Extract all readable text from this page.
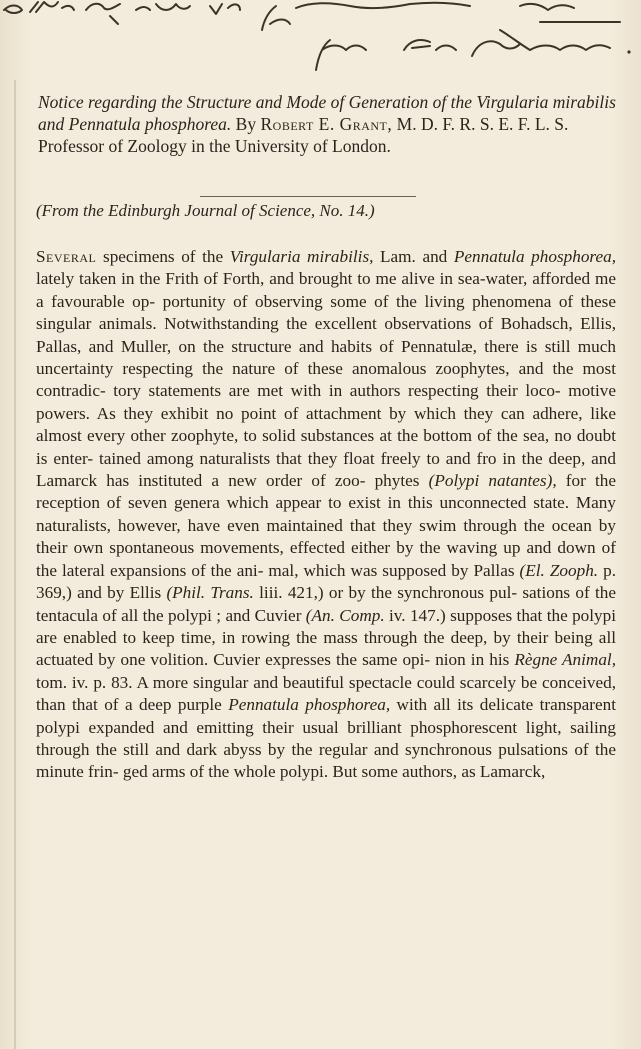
Notice regarding the Structure and Mode of Generation of the Virgularia mirabilis and Pennatula phosphorea. By Robert E. Grant, M. D. F. R. S. E. F. L. S. Professor of Zoology in the University of London.
(From the Edinburgh Journal of Science, No. 14.)

Several specimens of the Virgularia mirabilis, Lam. and Pennatula phosphorea, lately taken in the Frith of Forth, and brought to me alive in sea-water, afforded me a favourable op- portunity of observing some of the living phenomena of these singular animals. Notwithstanding the excellent observations of Bohadsch, Ellis, Pallas, and Muller, on the structure and habits of Pennatulæ, there is still much uncertainty respecting the nature of these anomalous zoophytes, and the most contradic- tory statements are met with in authors respecting their loco- motive powers. As they exhibit no point of attachment by which they can adhere, like almost every other zoophyte, to solid substances at the bottom of the sea, no doubt is enter- tained among naturalists that they float freely to and fro in the deep, and Lamarck has instituted a new order of zoo- phytes (Polypi natantes), for the reception of seven genera which appear to exist in this unconnected state. Many naturalists, however, have even maintained that they swim through the ocean by their own spontaneous movements, effected either by the waving up and down of the lateral expansions of the ani- mal, which was supposed by Pallas (El. Zooph. p. 369,) and by Ellis (Phil. Trans. liii. 421,) or by the synchronous pul- sations of the tentacula of all the polypi ; and Cuvier (An. Comp. iv. 147.) supposes that the polypi are enabled to keep time, in rowing the mass through the deep, by their being all actuated by one volition. Cuvier expresses the same opi- nion in his Règne Animal, tom. iv. p. 83. A more singular and beautiful spectacle could scarcely be conceived, than that of a deep purple Pennatula phosphorea, with all its delicate transparent polypi expanded and emitting their usual brilliant phosphorescent light, sailing through the still and dark abyss by the regular and synchronous pulsations of the minute frin- ged arms of the whole polypi. But some authors, as Lamarck,
